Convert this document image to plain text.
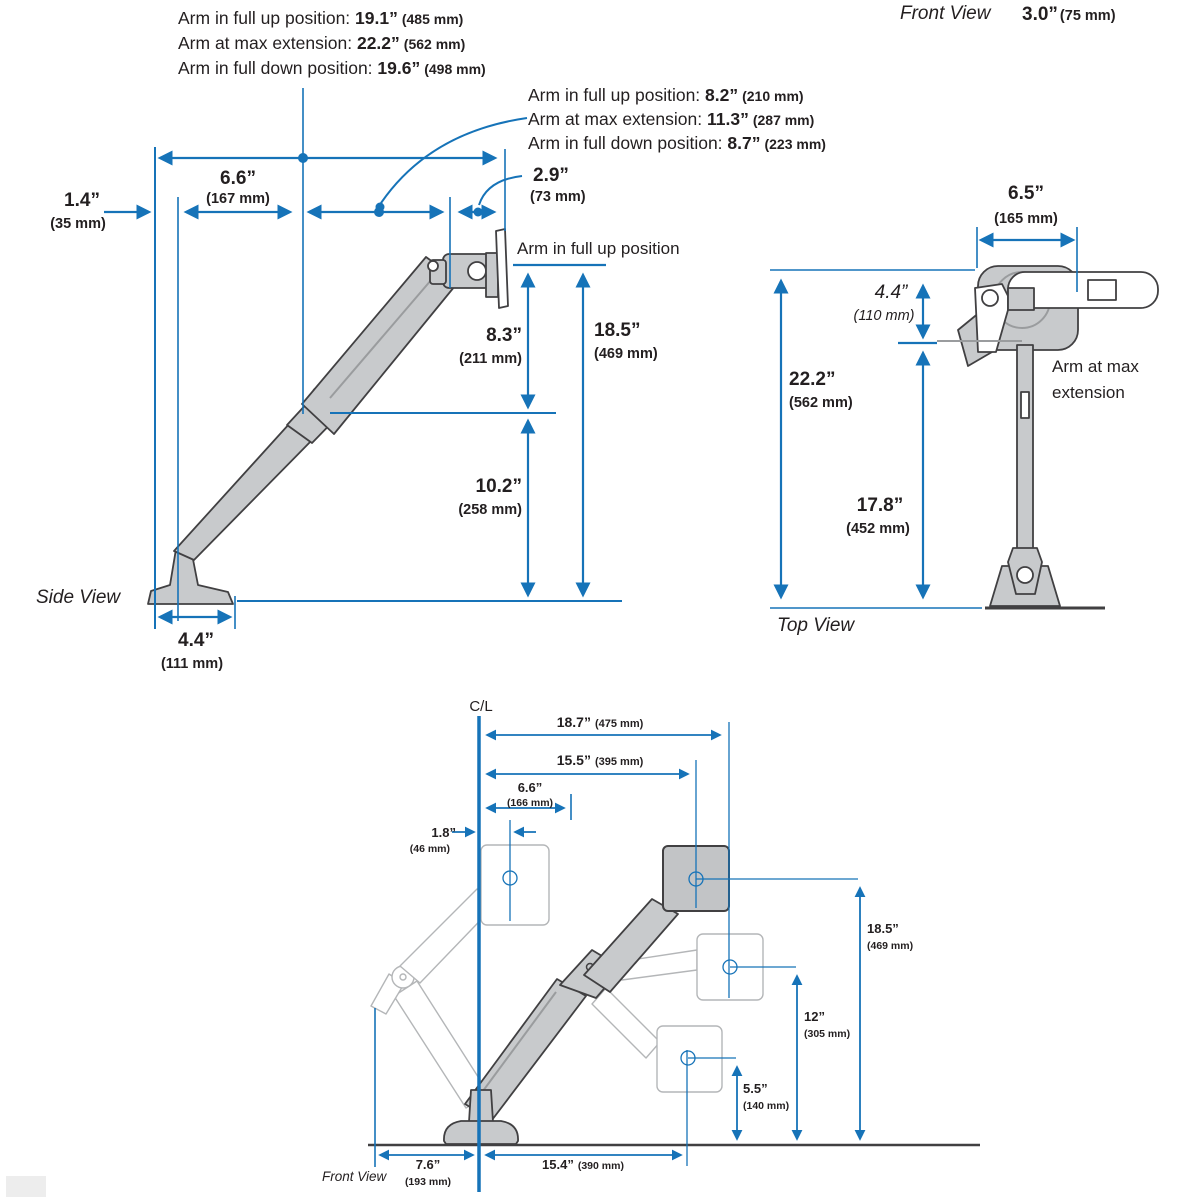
Arm in full up position: 19.1” (485 mm)
Arm at max extension: 22.2” (562 mm)
Arm in full down position: 19.6” (498 mm)
Arm in full up position: 8.2” (210 mm)
Arm at max extension: 11.3” (287 mm)
Arm in full down position: 8.7” (223 mm)
1.4”
(35 mm)
6.6”
(167 mm)
2.9”
(73 mm)
Arm in full up position
8.3”
(211 mm)
18.5”
(469 mm)
10.2”
(258 mm)
4.4”
(111 mm)
Side View
Front View 3.0” (75 mm)
6.5”
(165 mm)
4.4”
(110 mm)
22.2”
(562 mm)
17.8”
(452 mm)
Arm at max
extension
Top View
C/L
18.7” (475 mm)
15.5” (395 mm)
6.6”
(166 mm)
1.8”
(46 mm)
18.5”
(469 mm)
12”
(305 mm)
5.5”
(140 mm)
7.6”
(193 mm)
15.4” (390 mm)
Front View
